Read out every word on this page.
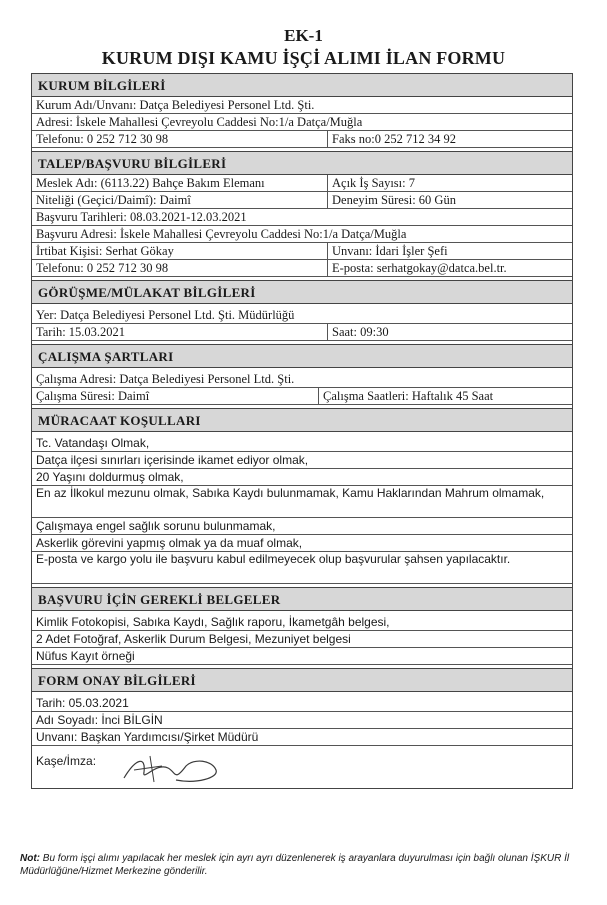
EK-1
KURUM DIŞI KAMU İŞÇİ ALIMI İLAN FORMU
KURUM BİLGİLERİ
Kurum Adı/Unvanı: Datça Belediyesi Personel Ltd. Şti.
Adresi: İskele Mahallesi Çevreyolu Caddesi No:1/a Datça/Muğla
Telefonu: 0 252 712 30 98	Faks no:0 252 712 34 92
TALEP/BAŞVURU BİLGİLERİ
Meslek Adı: (6113.22) Bahçe Bakım Elemanı	Açık İş Sayısı: 7
Niteliği (Geçici/Daimî): Daimî	Deneyim Süresi: 60 Gün
Başvuru Tarihleri: 08.03.2021-12.03.2021
Başvuru Adresi: İskele Mahallesi Çevreyolu Caddesi No:1/a Datça/Muğla
İrtibat Kişisi: Serhat Gökay	Unvanı: İdari İşler Şefi
Telefonu: 0 252 712 30 98	E-posta: serhatgokay@datca.bel.tr.
GÖRÜŞME/MÜLAKAT BİLGİLERİ
Yer: Datça Belediyesi Personel Ltd. Şti. Müdürlüğü
Tarih: 15.03.2021	Saat: 09:30
ÇALIŞMA ŞARTLARI
Çalışma Adresi: Datça Belediyesi Personel Ltd. Şti.
Çalışma Süresi: Daimî	Çalışma Saatleri: Haftalık 45 Saat
MÜRACAAT KOŞULLARI
Tc. Vatandaşı Olmak,
Datça ilçesi sınırları içerisinde ikamet ediyor olmak,
20 Yaşını doldurmuş olmak,
En az İlkokul mezunu olmak, Sabıka Kaydı bulunmamak, Kamu Haklarından Mahrum olmamak,
Çalışmaya engel sağlık sorunu bulunmamak,
Askerlik görevini yapmış olmak ya da muaf olmak,
E-posta ve kargo yolu ile başvuru kabul edilmeyecek olup başvurular şahsen yapılacaktır.
BAŞVURU İÇİN GEREKLİ BELGELER
Kimlik Fotokopisi, Sabıka Kaydı, Sağlık raporu, İkametgâh belgesi,
2 Adet Fotoğraf, Askerlik Durum Belgesi, Mezuniyet belgesi
Nüfus Kayıt örneği
FORM ONAY BİLGİLERİ
Tarih: 05.03.2021
Adı Soyadı: İnci BİLGİN
Unvanı: Başkan Yardımcısı/Şirket Müdürü
Kaşe/İmza:
Not: Bu form işçi alımı yapılacak her meslek için ayrı ayrı düzenlenerek iş arayanlara duyurulması için bağlı olunan İŞKUR İl Müdürlüğüne/Hizmet Merkezine gönderilir.
